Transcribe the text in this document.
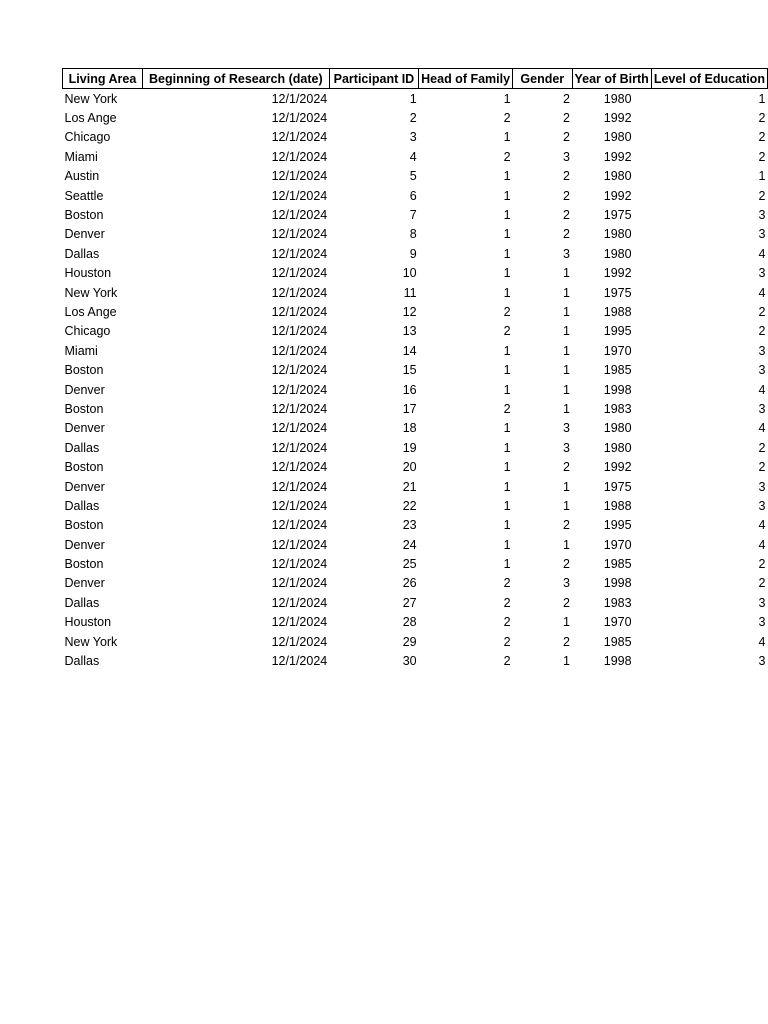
Living Area	Beginning of Research (date)	Participant ID	Head of Family	Gender	Year of Birth	Level of Education

New York	12/1/2024	1	1	2	1980	1
Los Ange	12/1/2024	2	2	2	1992	2
Chicago	12/1/2024	3	1	2	1980	2
Miami	12/1/2024	4	2	3	1992	2
Austin	12/1/2024	5	1	2	1980	1
Seattle	12/1/2024	6	1	2	1992	2
Boston	12/1/2024	7	1	2	1975	3
Denver	12/1/2024	8	1	2	1980	3
Dallas	12/1/2024	9	1	3	1980	4
Houston	12/1/2024	10	1	1	1992	3
New York	12/1/2024	11	1	1	1975	4
Los Ange	12/1/2024	12	2	1	1988	2
Chicago	12/1/2024	13	2	1	1995	2
Miami	12/1/2024	14	1	1	1970	3
Boston	12/1/2024	15	1	1	1985	3
Denver	12/1/2024	16	1	1	1998	4
Boston	12/1/2024	17	2	1	1983	3
Denver	12/1/2024	18	1	3	1980	4
Dallas	12/1/2024	19	1	3	1980	2
Boston	12/1/2024	20	1	2	1992	2
Denver	12/1/2024	21	1	1	1975	3
Dallas	12/1/2024	22	1	1	1988	3
Boston	12/1/2024	23	1	2	1995	4
Denver	12/1/2024	24	1	1	1970	4
Boston	12/1/2024	25	1	2	1985	2
Denver	12/1/2024	26	2	3	1998	2
Dallas	12/1/2024	27	2	2	1983	3
Houston	12/1/2024	28	2	1	1970	3
New York	12/1/2024	29	2	2	1985	4
Dallas	12/1/2024	30	2	1	1998	3
